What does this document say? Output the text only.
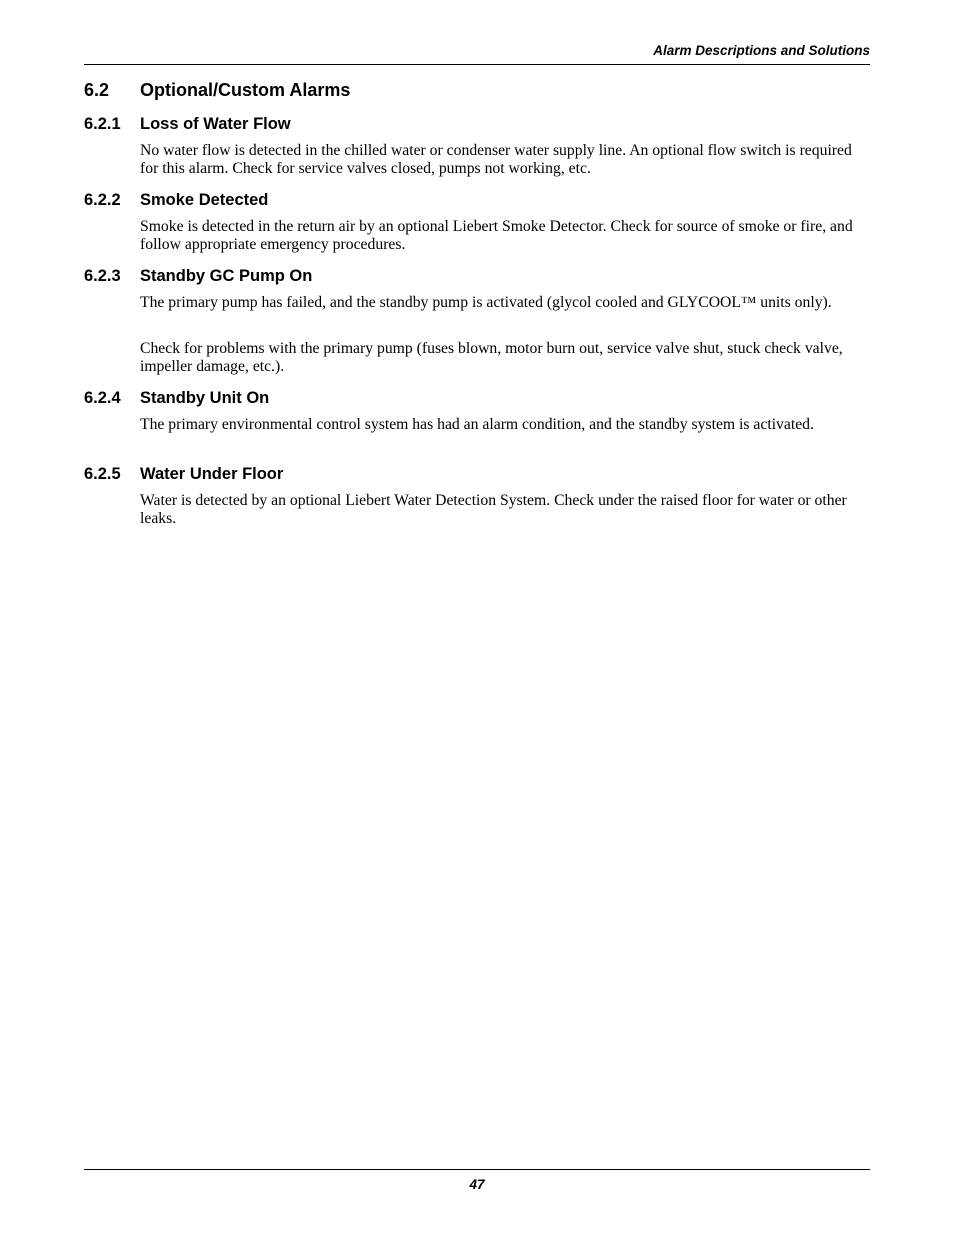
Alarm Descriptions and Solutions
6.2 Optional/Custom Alarms
6.2.1 Loss of Water Flow

No water flow is detected in the chilled water or condenser water supply line. An optional flow switch is required for this alarm. Check for service valves closed, pumps not working, etc.

6.2.2 Smoke Detected

Smoke is detected in the return air by an optional Liebert Smoke Detector. Check for source of smoke or fire, and follow appropriate emergency procedures.

6.2.3 Standby GC Pump On

The primary pump has failed, and the standby pump is activated (glycol cooled and GLYCOOL™ units only).

Check for problems with the primary pump (fuses blown, motor burn out, service valve shut, stuck check valve, impeller damage, etc.).

6.2.4 Standby Unit On

The primary environmental control system has had an alarm condition, and the standby system is activated.

6.2.5 Water Under Floor

Water is detected by an optional Liebert Water Detection System. Check under the raised floor for water or other leaks.

47
